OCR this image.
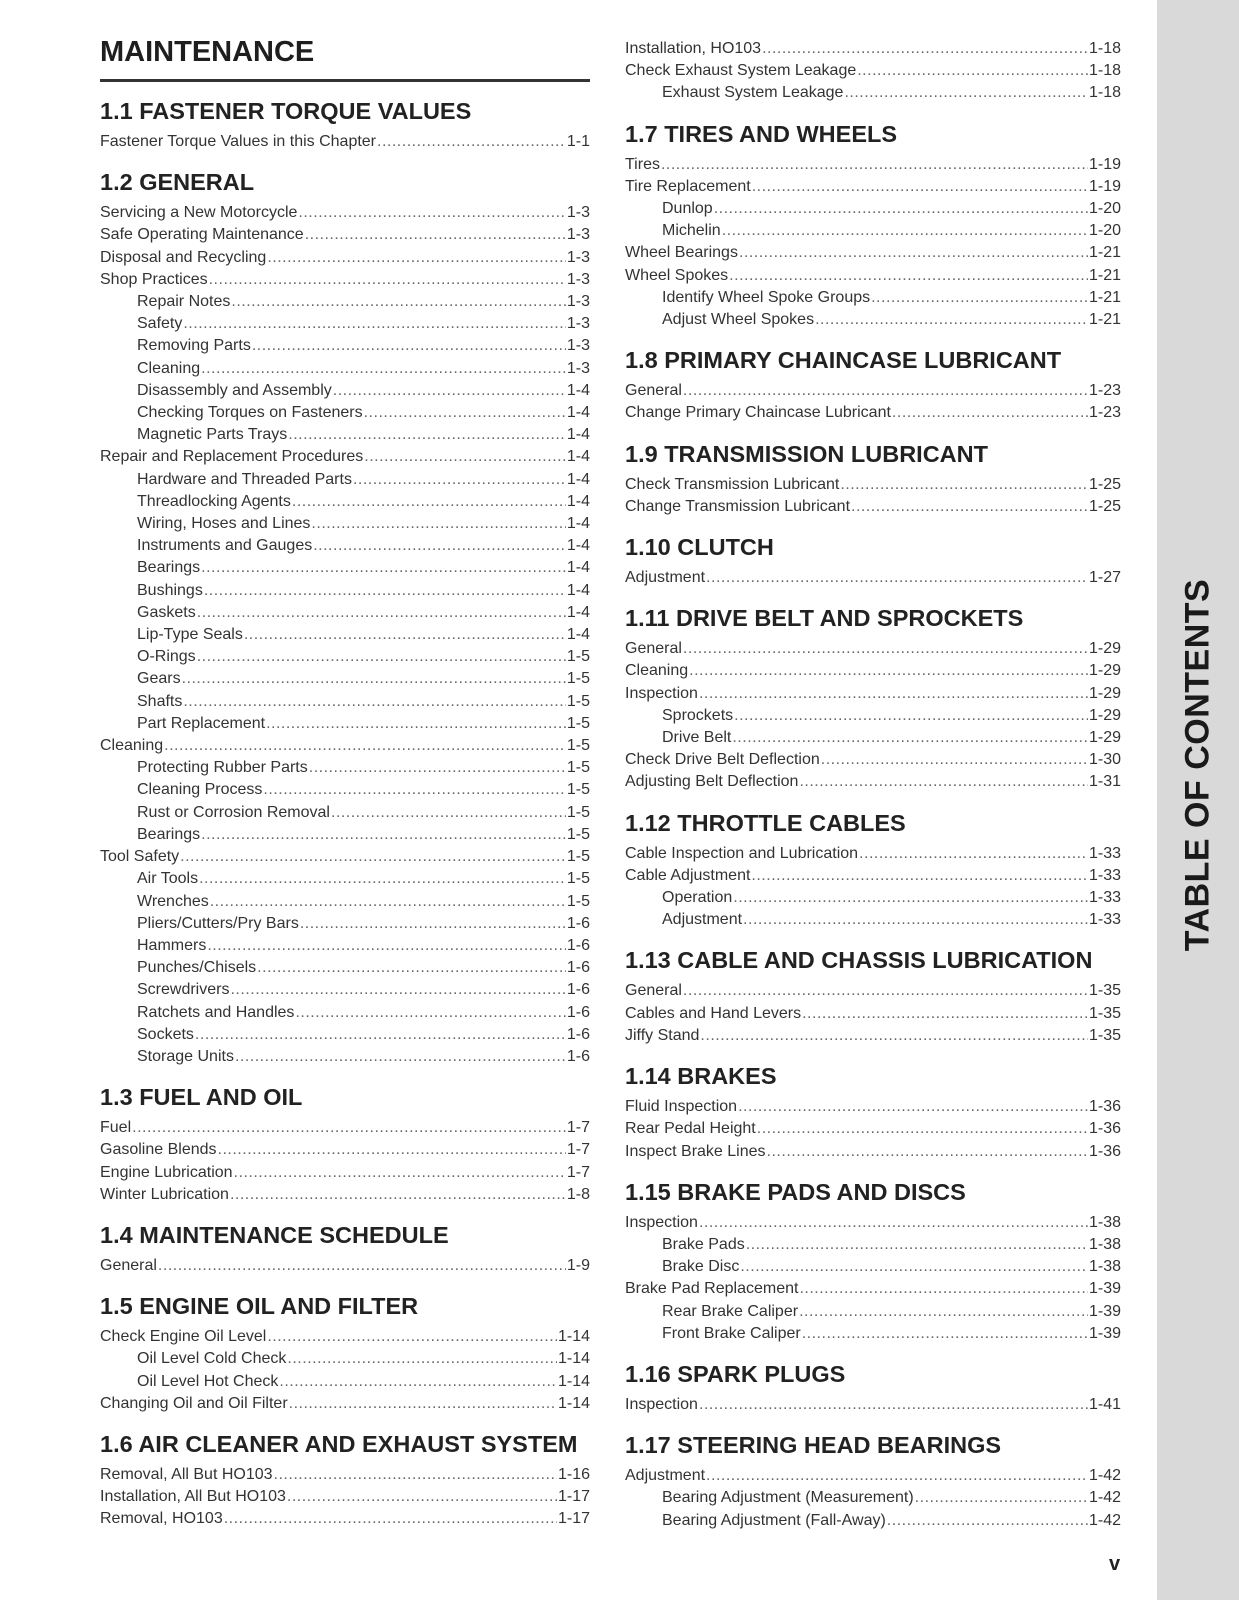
TABLE OF CONTENTS
MAINTENANCE
1.1 FASTENER TORQUE VALUES
Fastener Torque Values in this Chapter .....	1-1
1.2 GENERAL
Servicing a New Motorcycle .....	1-3
Safe Operating Maintenance .....	1-3
Disposal and Recycling .....	1-3
Shop Practices .....	1-3
Repair Notes .....	1-3
Safety .....	1-3
Removing Parts .....	1-3
Cleaning .....	1-3
Disassembly and Assembly .....	1-4
Checking Torques on Fasteners .....	1-4
Magnetic Parts Trays .....	1-4
Repair and Replacement Procedures .....	1-4
Hardware and Threaded Parts .....	1-4
Threadlocking Agents .....	1-4
Wiring, Hoses and Lines .....	1-4
Instruments and Gauges .....	1-4
Bearings .....	1-4
Bushings .....	1-4
Gaskets .....	1-4
Lip-Type Seals .....	1-4
O-Rings .....	1-5
Gears .....	1-5
Shafts .....	1-5
Part Replacement .....	1-5
Cleaning .....	1-5
Protecting Rubber Parts .....	1-5
Cleaning Process .....	1-5
Rust or Corrosion Removal .....	1-5
Bearings .....	1-5
Tool Safety .....	1-5
Air Tools .....	1-5
Wrenches .....	1-5
Pliers/Cutters/Pry Bars .....	1-6
Hammers .....	1-6
Punches/Chisels .....	1-6
Screwdrivers .....	1-6
Ratchets and Handles .....	1-6
Sockets .....	1-6
Storage Units .....	1-6
1.3 FUEL AND OIL
Fuel .....	1-7
Gasoline Blends .....	1-7
Engine Lubrication .....	1-7
Winter Lubrication .....	1-8
1.4 MAINTENANCE SCHEDULE
General .....	1-9
1.5 ENGINE OIL AND FILTER
Check Engine Oil Level .....	1-14
Oil Level Cold Check .....	1-14
Oil Level Hot Check .....	1-14
Changing Oil and Oil Filter .....	1-14
1.6 AIR CLEANER AND EXHAUST SYSTEM
Removal, All But HO103 .....	1-16
Installation, All But HO103 .....	1-17
Removal, HO103 .....	1-17
Installation, HO103 .....	1-18
Check Exhaust System Leakage .....	1-18
Exhaust System Leakage .....	1-18
1.7 TIRES AND WHEELS
Tires .....	1-19
Tire Replacement .....	1-19
Dunlop .....	1-20
Michelin .....	1-20
Wheel Bearings .....	1-21
Wheel Spokes .....	1-21
Identify Wheel Spoke Groups .....	1-21
Adjust Wheel Spokes .....	1-21
1.8 PRIMARY CHAINCASE LUBRICANT
General .....	1-23
Change Primary Chaincase Lubricant .....	1-23
1.9 TRANSMISSION LUBRICANT
Check Transmission Lubricant .....	1-25
Change Transmission Lubricant .....	1-25
1.10 CLUTCH
Adjustment .....	1-27
1.11 DRIVE BELT AND SPROCKETS
General .....	1-29
Cleaning .....	1-29
Inspection .....	1-29
Sprockets .....	1-29
Drive Belt .....	1-29
Check Drive Belt Deflection .....	1-30
Adjusting Belt Deflection .....	1-31
1.12 THROTTLE CABLES
Cable Inspection and Lubrication .....	1-33
Cable Adjustment .....	1-33
Operation .....	1-33
Adjustment .....	1-33
1.13 CABLE AND CHASSIS LUBRICATION
General .....	1-35
Cables and Hand Levers .....	1-35
Jiffy Stand .....	1-35
1.14 BRAKES
Fluid Inspection .....	1-36
Rear Pedal Height .....	1-36
Inspect Brake Lines .....	1-36
1.15 BRAKE PADS AND DISCS
Inspection .....	1-38
Brake Pads .....	1-38
Brake Disc .....	1-38
Brake Pad Replacement .....	1-39
Rear Brake Caliper .....	1-39
Front Brake Caliper .....	1-39
1.16 SPARK PLUGS
Inspection .....	1-41
1.17 STEERING HEAD BEARINGS
Adjustment .....	1-42
Bearing Adjustment (Measurement) .....	1-42
Bearing Adjustment (Fall-Away) .....	1-42
v
